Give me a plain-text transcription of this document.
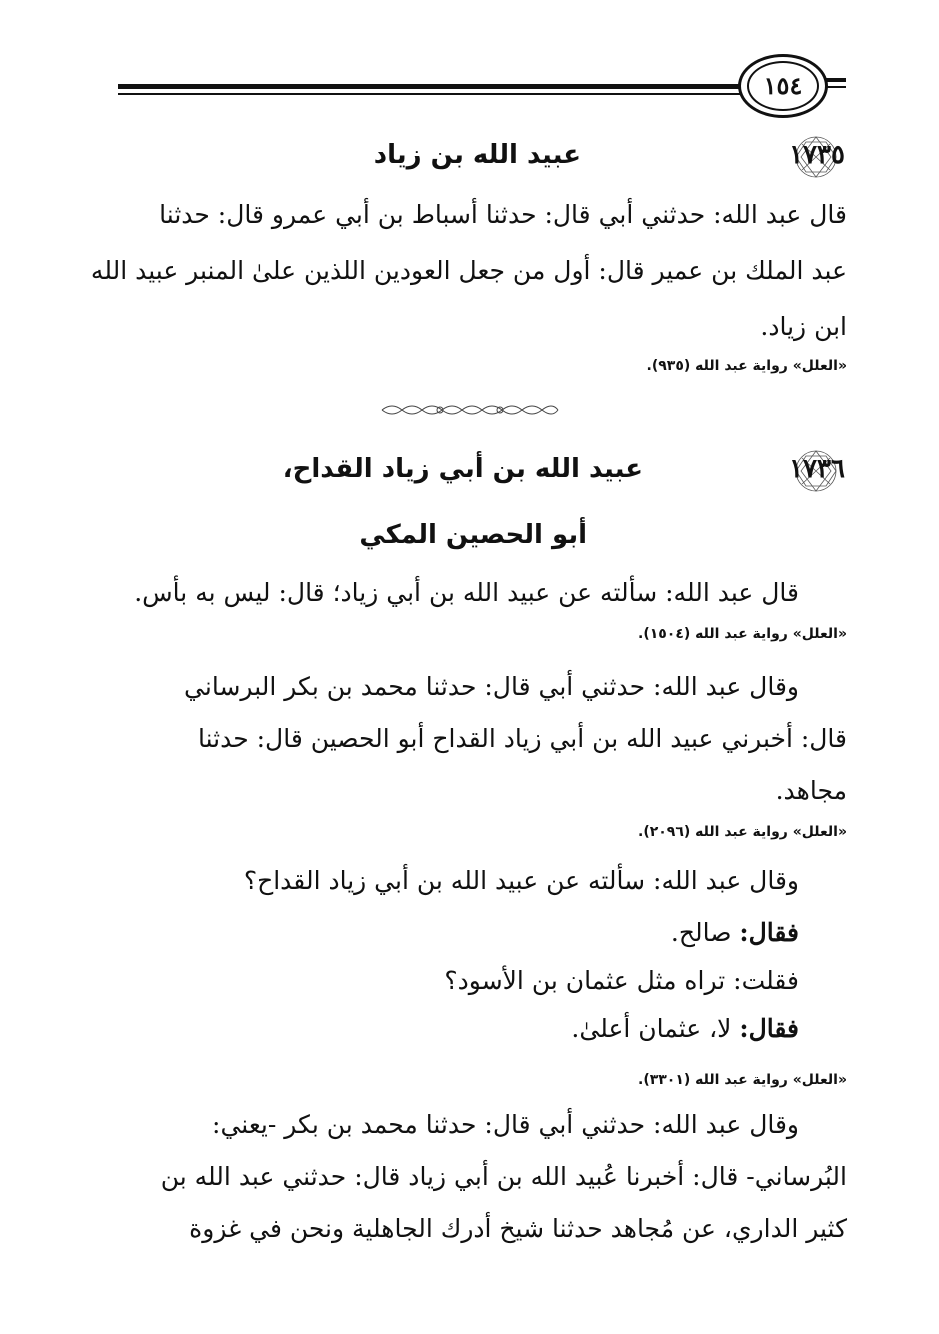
١٥٤
١٧٣٥
عبيد الله بن زياد
قال عبد الله: حدثني أبي قال: حدثنا أسباط بن أبي عمرو قال: حدثنا
عبد الملك بن عمير قال: أول من جعل العودين اللذين علىٰ المنبر عبيد الله
ابن زياد.
«العلل» رواية عبد الله (٩٣٥).
١٧٣٦
عبيد الله بن أبي زياد القداح،
أبو الحصين المكي
قال عبد الله: سألته عن عبيد الله بن أبي زياد؛ قال: ليس به بأس.
«العلل» رواية عبد الله (١٥٠٤).
وقال عبد الله: حدثني أبي قال: حدثنا محمد بن بكر البرساني
قال: أخبرني عبيد الله بن أبي زياد القداح أبو الحصين قال: حدثنا
مجاهد.
«العلل» رواية عبد الله (٢٠٩٦).
وقال عبد الله: سألته عن عبيد الله بن أبي زياد القداح؟
فقال: صالح.
فقلت: تراه مثل عثمان بن الأسود؟
فقال: لا، عثمان أعلىٰ.
«العلل» رواية عبد الله (٣٣٠١).
وقال عبد الله: حدثني أبي قال: حدثنا محمد بن بكر -يعني:
البُرساني- قال: أخبرنا عُبيد الله بن أبي زياد قال: حدثني عبد الله بن
كثير الداري، عن مُجاهد حدثنا شيخ أدرك الجاهلية ونحن في غزوة
